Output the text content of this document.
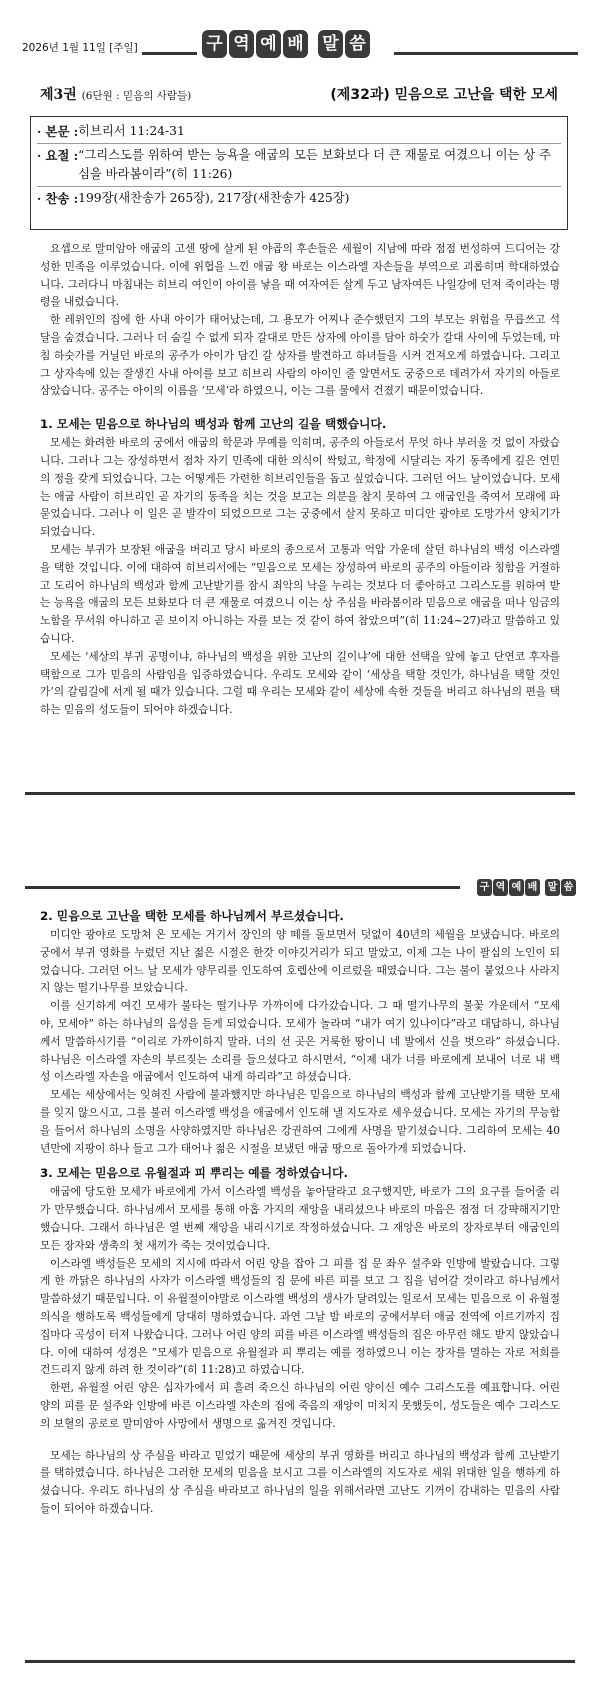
2026년 1월 11일 [주일]	구 역 예 배 말 씀
제3권 (6단원 : 믿음의 사람들)	(제32과) 믿음으로 고난을 택한 모세
· 본문 : 히브리서 11:24-31
· 요절 : “그리스도를 위하여 받는 능욕을 애굽의 모든 보화보다 더 큰 재물로 여겼으니 이는 상 주심을 바라봄이라”(히 11:26)
· 찬송 : 199장(새찬송가 265장), 217장(새찬송가 425장)

요셉으로 말미암아 애굽의 고센 땅에 살게 된 야곱의 후손들은 세월이 지남에 따라 점점 번성하여 드디어는 강성한 민족을 이루었습니다. 이에 위협을 느낀 애굽 왕 바로는 이스라엘 자손들을 부역으로 괴롭히며 학대하였습니다. 그러다니 마침내는 히브리 여인이 아이를 낳을 때 여자여든 살게 두고 남자여든 나일강에 던져 죽이라는 명령을 내렸습니다.

한 레위인의 집에 한 사내 아이가 태어났는데, 그 용모가 어찌나 준수했던지 그의 부모는 위험을 무릅쓰고 석 달을 숨겼습니다. 그러나 더 숨길 수 없게 되자 갈대로 만든 상자에 아이를 담아 하숫가 갈대 사이에 두었는데, 마침 하숫가를 거닐던 바로의 공주가 아이가 담긴 갈 상자를 발견하고 하녀들을 시켜 건져오게 하였습니다. 그리고 그 상자속에 있는 잘생긴 사내 아이를 보고 히브리 사람의 아이인 줄 알면서도 궁중으로 데려가서 자기의 아들로 삼았습니다. 공주는 아이의 이름을 ‘모세’라 하였으니, 이는 그를 물에서 건졌기 때문이었습니다.

1. 모세는 믿음으로 하나님의 백성과 함께 고난의 길을 택했습니다.

모세는 화려한 바로의 궁에서 애굽의 학문과 무예를 익히며, 공주의 아들로서 무엇 하나 부러울 것 없이 자랐습니다. 그러나 그는 장성하면서 점차 자기 민족에 대한 의식이 싹텄고, 학정에 시달리는 자기 동족에게 깊은 연민의 정을 갖게 되었습니다. 그는 어떻게든 가련한 히브리인들을 돕고 싶었습니다. 그러던 어느 날이었습니다. 모세는 애굽 사람이 히브리인 곧 자기의 동족을 치는 것을 보고는 의분을 참지 못하여 그 애굽인을 죽여서 모래에 파묻었습니다. 그러나 이 일은 곧 발각이 되었으므로 그는 궁중에서 살지 못하고 미디안 광야로 도망가서 양치기가 되었습니다.

모세는 부귀가 보장된 애굽을 버리고 당시 바로의 종으로서 고통과 억압 가운데 살던 하나님의 백성 이스라엘을 택한 것입니다. 이에 대하여 히브리서에는 “믿음으로 모세는 장성하여 바로의 공주의 아들이라 칭함을 거절하고 도리어 하나님의 백성과 함께 고난받기를 잠시 죄악의 낙을 누리는 것보다 더 좋아하고 그리스도를 위하여 받는 능욕을 애굽의 모든 보화보다 더 큰 재물로 여겼으니 이는 상 주심을 바라봄이라 믿음으로 애굽을 떠나 임금의 노함을 무서워 아니하고 곧 보이지 아니하는 자를 보는 것 같이 하여 참았으며”(히 11:24~27)라고 말씀하고 있습니다.

모세는 ‘세상의 부귀 공명이냐, 하나님의 백성을 위한 고난의 길이냐’에 대한 선택을 앞에 놓고 단연코 후자를 택함으로 그가 믿음의 사람임을 입증하였습니다. 우리도 모세와 같이 ‘세상을 택할 것인가, 하나님을 택할 것인가’의 갈림길에 서게 될 때가 있습니다. 그럴 때 우리는 모세와 같이 세상에 속한 것들을 버리고 하나님의 편을 택하는 믿음의 성도들이 되어야 하겠습니다.

구 역 예 배 말 씀
2. 믿음으로 고난을 택한 모세를 하나님께서 부르셨습니다.

미디안 광야로 도망쳐 온 모세는 거기서 장인의 양 떼를 돌보면서 덧없이 40년의 세월을 보냈습니다. 바로의 궁에서 부귀 영화를 누렸던 지난 젊은 시절은 한갓 이야깃거리가 되고 말았고, 이제 그는 나이 팔십의 노인이 되었습니다. 그러던 어느 날 모세가 양무리를 인도하여 호렙산에 이르렀을 때였습니다. 그는 불이 붙었으나 사라지지 않는 떨기나무를 보았습니다.

이를 신기하게 여긴 모세가 불타는 떨기나무 가까이에 다가갔습니다. 그 때 떨기나무의 불꽃 가운데서 “모세야, 모세야” 하는 하나님의 음성을 듣게 되었습니다. 모세가 놀라며 “내가 여기 있나이다”라고 대답하니, 하나님께서 말씀하시기를 “이리로 가까이하지 말라. 너의 선 곳은 거룩한 땅이니 네 발에서 신을 벗으라” 하셨습니다. 하나님은 이스라엘 자손의 부르짖는 소리를 들으셨다고 하시면서, “이제 내가 너를 바로에게 보내어 너로 내 백성 이스라엘 자손을 애굽에서 인도하여 내게 하리라”고 하셨습니다.

모세는 세상에서는 잊혀진 사람에 불과했지만 하나님은 믿음으로 하나님의 백성과 함께 고난받기를 택한 모세를 잊지 않으시고, 그를 불러 이스라엘 백성을 애굽에서 인도해 낼 지도자로 세우셨습니다. 모세는 자기의 무능함을 들어서 하나님의 소명을 사양하였지만 하나님은 강권하여 그에게 사명을 맡기셨습니다. 그리하여 모세는 40년만에 지팡이 하나 들고 그가 태어나 젊은 시절을 보냈던 애굽 땅으로 돌아가게 되었습니다.

3. 모세는 믿음으로 유월절과 피 뿌리는 예를 정하였습니다.

애굽에 당도한 모세가 바로에게 가서 이스라엘 백성을 놓아달라고 요구했지만, 바로가 그의 요구를 들어줄 리가 만무했습니다. 하나님께서 모세를 통해 아홉 가지의 재앙을 내리셨으나 바로의 마음은 점점 더 강퍅해지기만 했습니다. 그래서 하나님은 열 번째 재앙을 내리시기로 작정하셨습니다. 그 재앙은 바로의 장자로부터 애굽인의 모든 장자와 생축의 첫 새끼가 죽는 것이었습니다.

이스라엘 백성들은 모세의 지시에 따라서 어린 양을 잡아 그 피를 집 문 좌우 설주와 인방에 발랐습니다. 그렇게 한 까닭은 하나님의 사자가 이스라엘 백성들의 집 문에 바른 피를 보고 그 집을 넘어갈 것이라고 하나님께서 말씀하셨기 때문입니다. 이 유월절이야말로 이스라엘 백성의 생사가 달려있는 일로서 모세는 믿음으로 이 유월절 의식을 행하도록 백성들에게 당대히 명하였습니다. 과연 그날 밤 바로의 궁에서부터 애굽 전역에 이르기까지 집집마다 곡성이 터져 나왔습니다. 그러나 어린 양의 피를 바른 이스라엘 백성들의 집은 아무런 해도 받지 않았습니다. 이에 대하여 성경은 “모세가 믿음으로 유월절과 피 뿌리는 예를 정하였으니 이는 장자를 멸하는 자로 저희를 건드리지 않게 하려 한 것이라”(히 11:28)고 하였습니다.

한편, 유월절 어린 양은 십자가에서 피 흘려 죽으신 하나님의 어린 양이신 예수 그리스도를 예표합니다. 어린 양의 피를 문 설주와 인방에 바른 이스라엘 자손의 집에 죽음의 재앙이 미치지 못했듯이, 성도들은 예수 그리스도의 보혈의 공로로 말미암아 사망에서 생명으로 옮겨진 것입니다.

모세는 하나님의 상 주심을 바라고 믿었기 때문에 세상의 부귀 영화를 버리고 하나님의 백성과 함께 고난받기를 택하였습니다. 하나님은 그러한 모세의 믿음을 보시고 그를 이스라엘의 지도자로 세워 위대한 일을 행하게 하셨습니다. 우리도 하나님의 상 주심을 바라보고 하나님의 일을 위해서라면 고난도 기꺼이 감내하는 믿음의 사람들이 되어야 하겠습니다.
